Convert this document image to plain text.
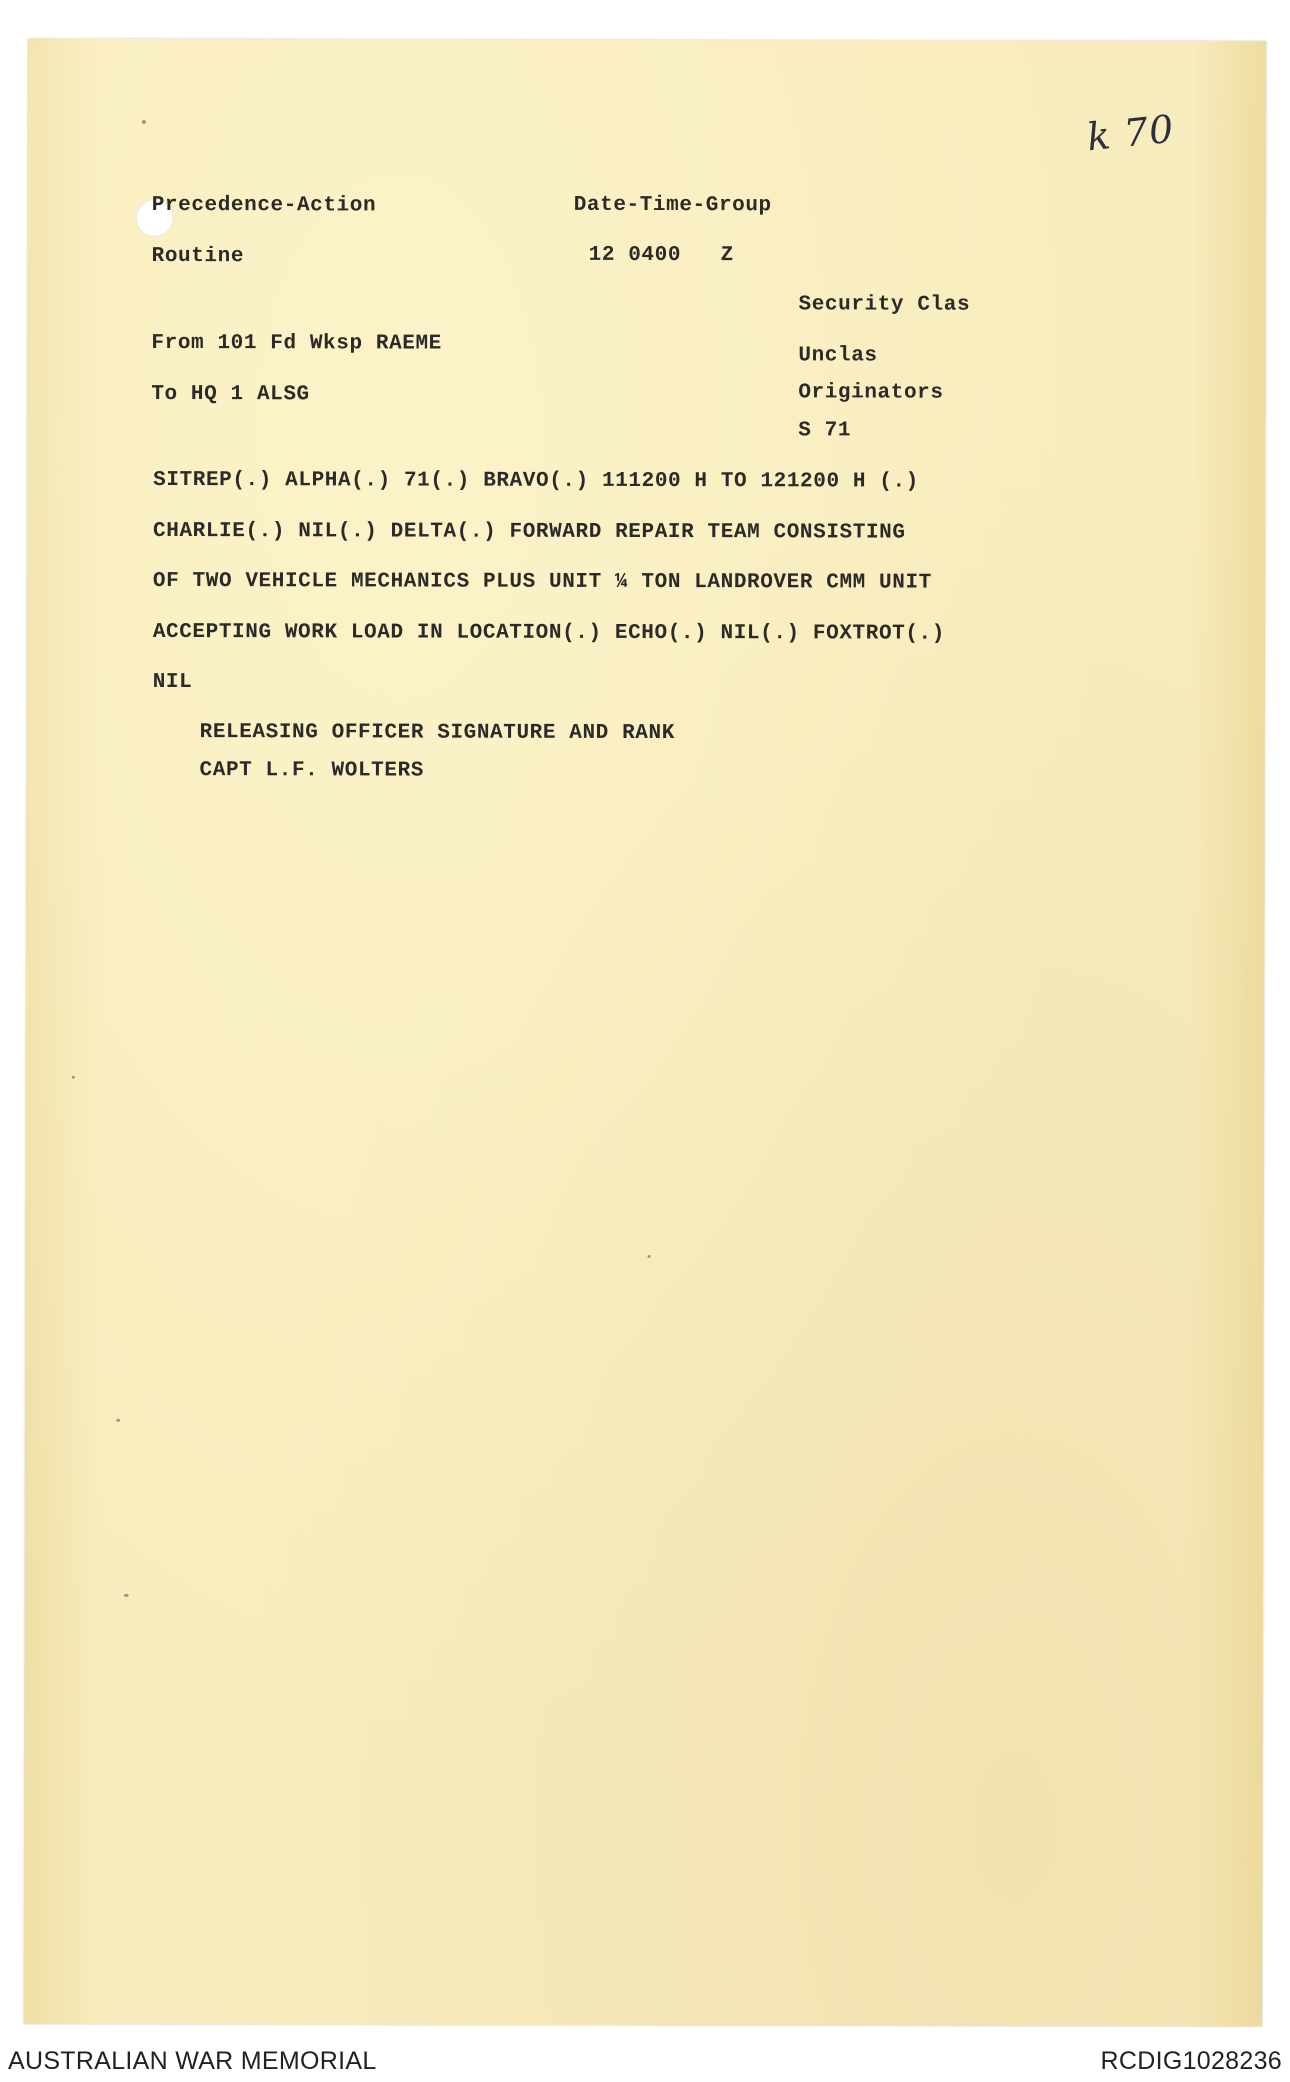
k 70
Precedence-Action
Routine
Date-Time-Group
12 0400   Z
Security Clas
Unclas
Originators
S 71
From 101 Fd Wksp RAEME
To HQ 1 ALSG
SITREP(.) ALPHA(.) 71(.) BRAVO(.) 111200 H TO 121200 H (.)
CHARLIE(.) NIL(.) DELTA(.) FORWARD REPAIR TEAM CONSISTING
OF TWO VEHICLE MECHANICS PLUS UNIT ¼ TON LANDROVER CMM UNIT
ACCEPTING WORK LOAD IN LOCATION(.) ECHO(.) NIL(.) FOXTROT(.)
NIL
RELEASING OFFICER SIGNATURE AND RANK
CAPT L.F. WOLTERS
AUSTRALIAN WAR MEMORIAL	RCDIG1028236
